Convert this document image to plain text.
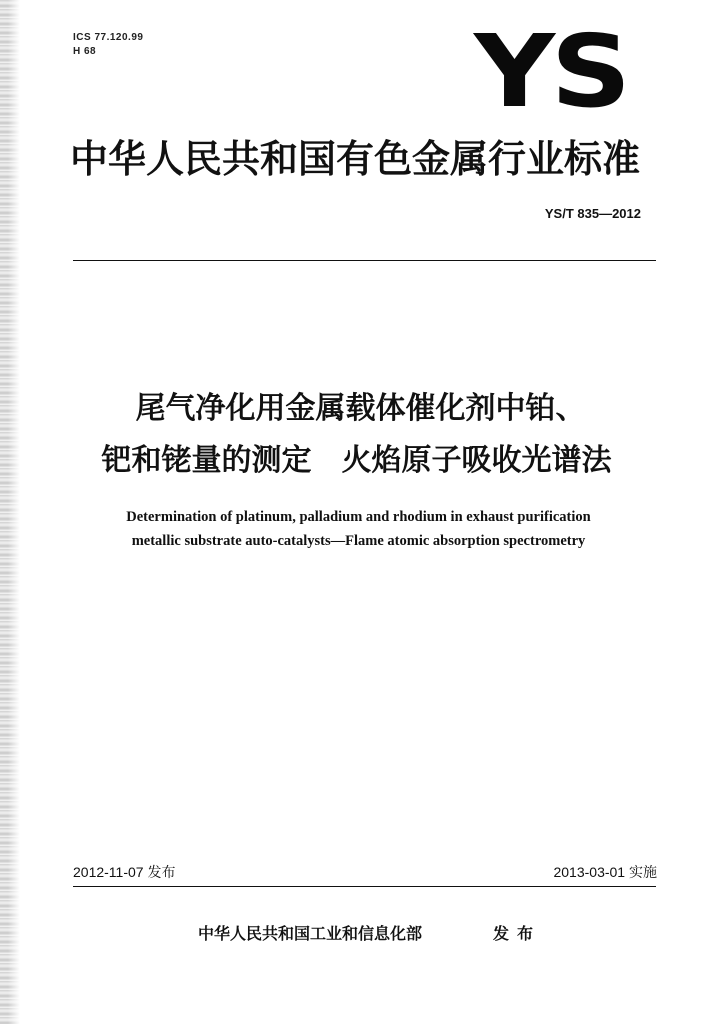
ICS 77.120.99
H 68	YS
中华人民共和国有色金属行业标准
YS/T 835—2012
尾气净化用金属载体催化剂中铂、
钯和铑量的测定　火焰原子吸收光谱法
Determination of platinum, palladium and rhodium in exhaust purification
metallic substrate auto-catalysts—Flame atomic absorption spectrometry
2012-11-07 发布	2013-03-01 实施
中华人民共和国工业和信息化部	发布
